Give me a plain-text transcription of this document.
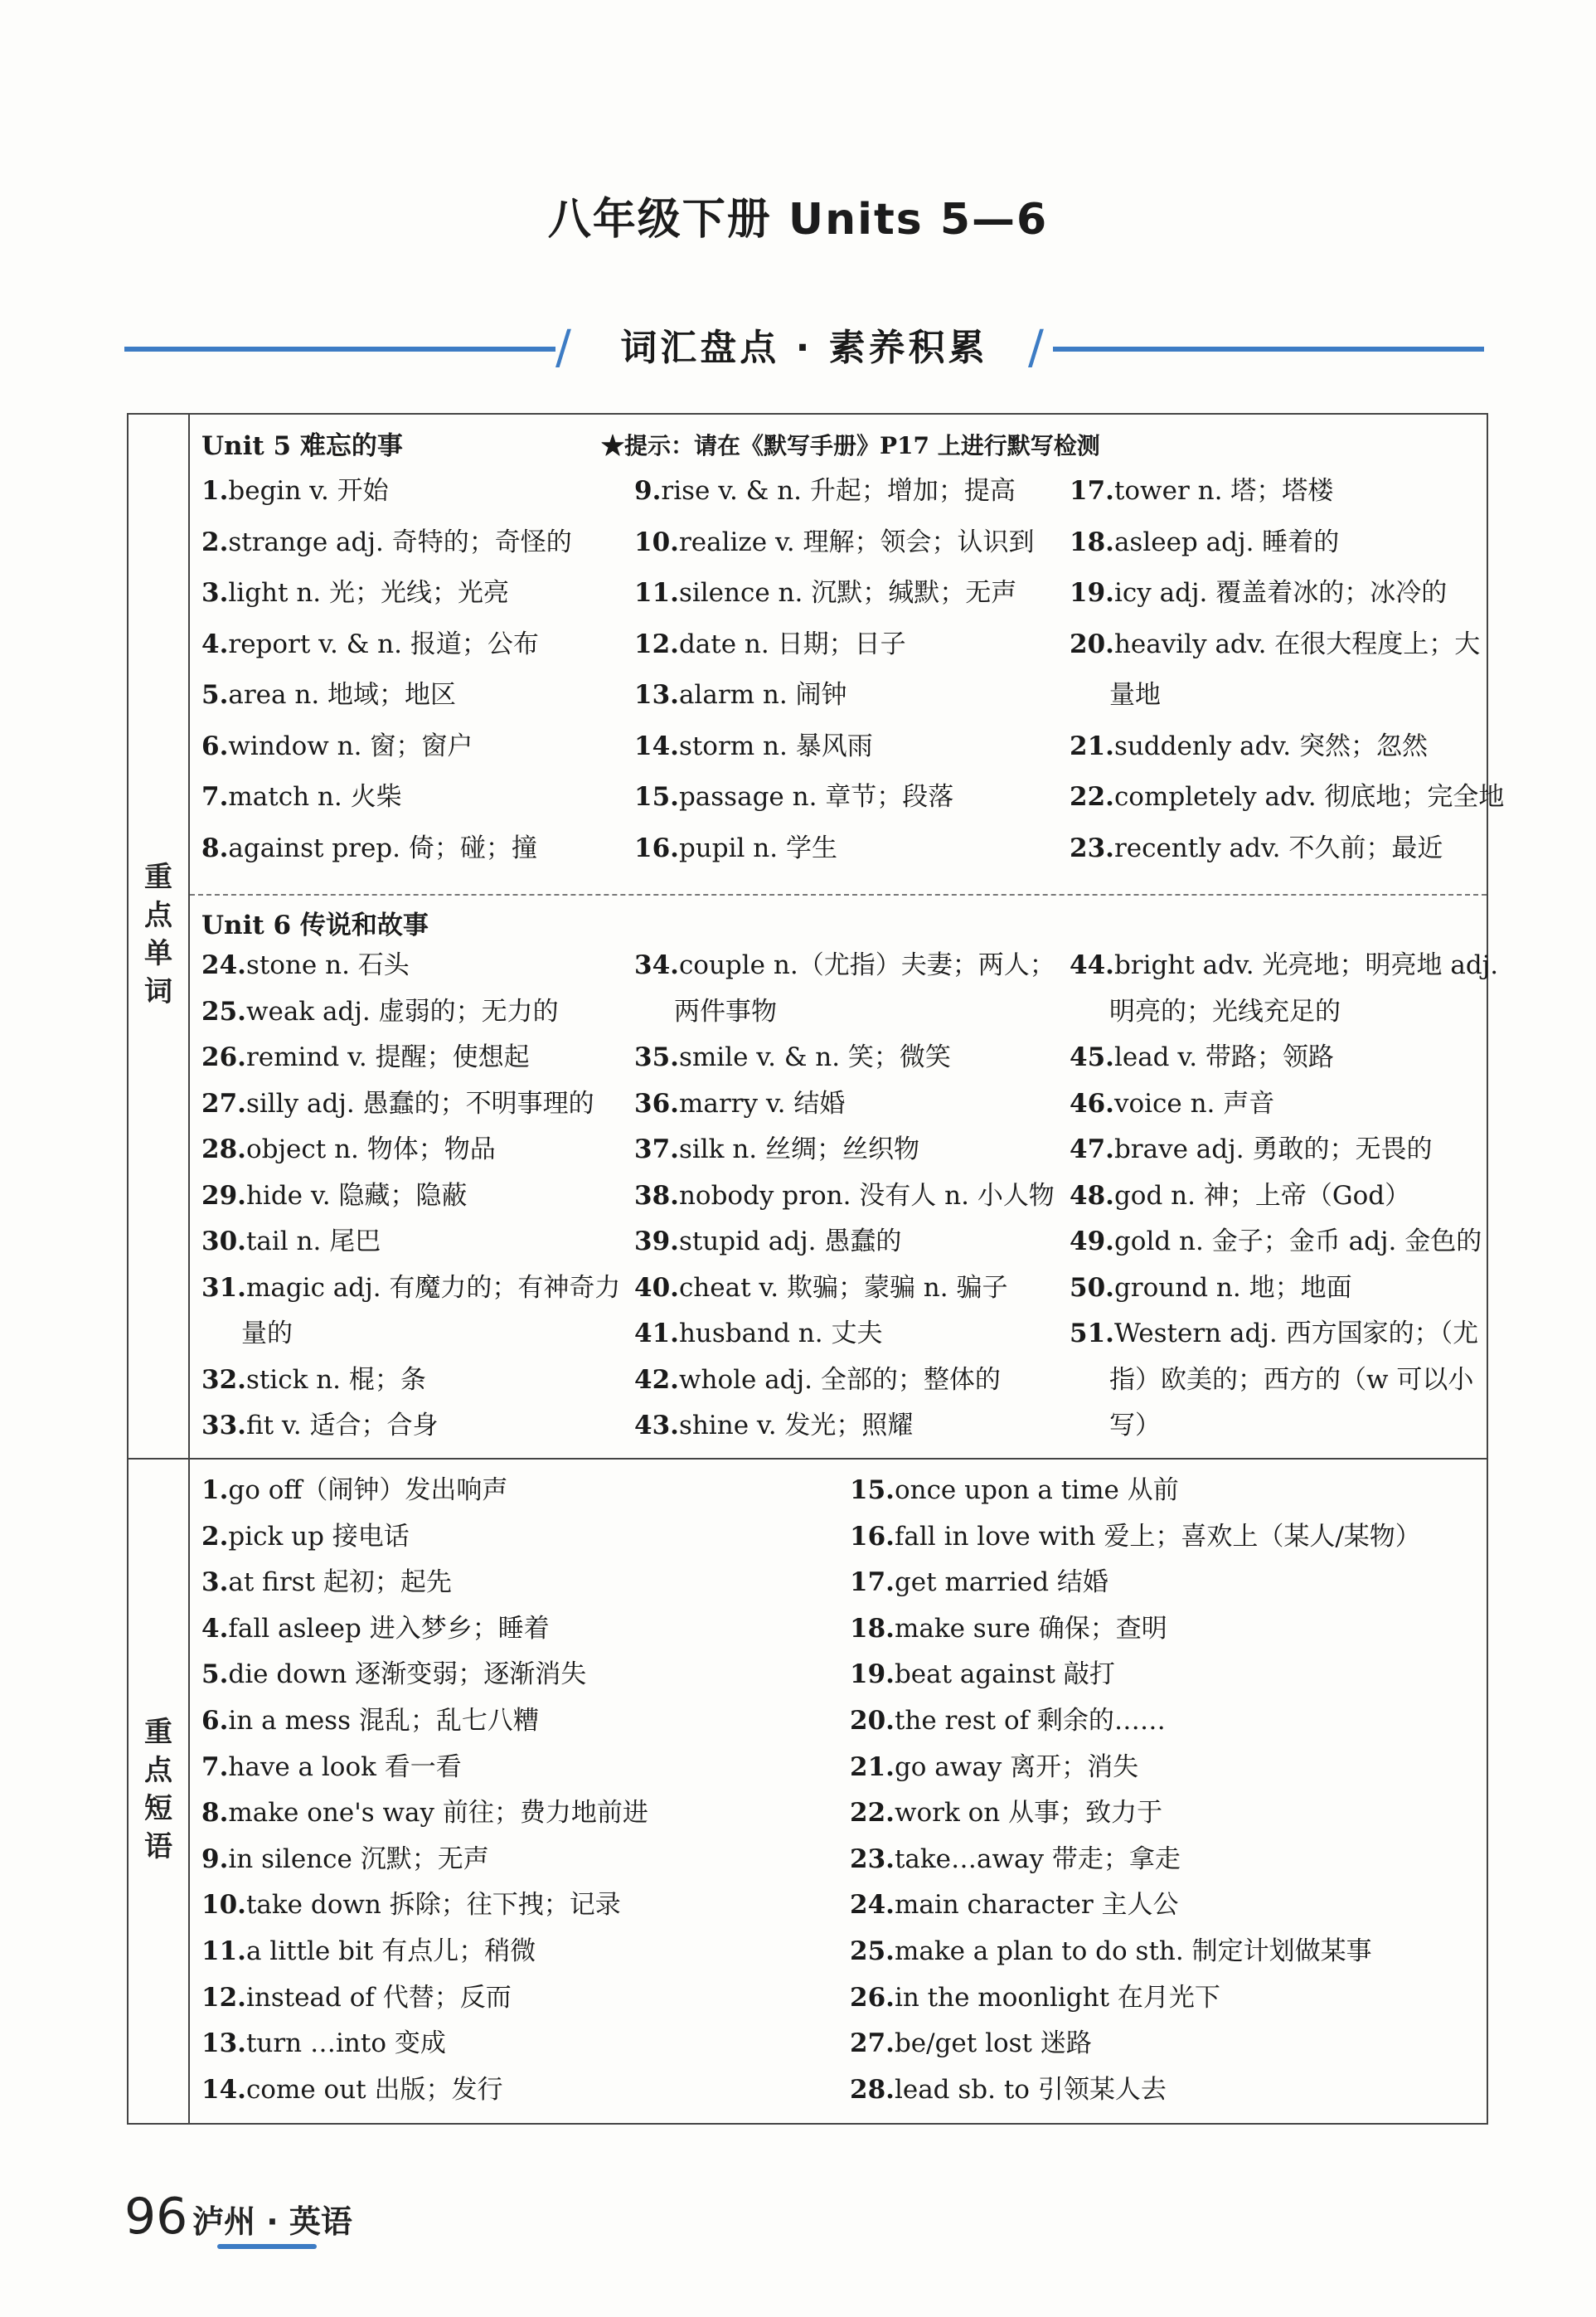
八年级下册 Units 5—6
/	词汇盘点 · 素养积累 /
重
点
单
词
重
点
短
语
Unit 5 难忘的事	★提示：请在《默写手册》P17 上进行默写检测
1.begin v. 开始
2.strange adj. 奇特的；奇怪的
3.light n. 光；光线；光亮
4.report v. & n. 报道；公布
5.area n. 地域；地区
6.window n. 窗；窗户
7.match n. 火柴
8.against prep. 倚；碰；撞
9.rise v. & n. 升起；增加；提高
10.realize v. 理解；领会；认识到
11.silence n. 沉默；缄默；无声
12.date n. 日期；日子
13.alarm n. 闹钟
14.storm n. 暴风雨
15.passage n. 章节；段落
16.pupil n. 学生
17.tower n. 塔；塔楼
18.asleep adj. 睡着的
19.icy adj. 覆盖着冰的；冰冷的
20.heavily adv. 在很大程度上；大
量地
21.suddenly adv. 突然；忽然
22.completely adv. 彻底地；完全地
23.recently adv. 不久前；最近
Unit 6 传说和故事
24.stone n. 石头
25.weak adj. 虚弱的；无力的
26.remind v. 提醒；使想起
27.silly adj. 愚蠢的；不明事理的
28.object n. 物体；物品
29.hide v. 隐藏；隐蔽
30.tail n. 尾巴
31.magic adj. 有魔力的；有神奇力
量的
32.stick n. 棍；条
33.fit v. 适合；合身
34.couple n.（尤指）夫妻；两人；
两件事物
35.smile v. & n. 笑；微笑
36.marry v. 结婚
37.silk n. 丝绸；丝织物
38.nobody pron. 没有人 n. 小人物
39.stupid adj. 愚蠢的
40.cheat v. 欺骗；蒙骗 n. 骗子
41.husband n. 丈夫
42.whole adj. 全部的；整体的
43.shine v. 发光；照耀
44.bright adv. 光亮地；明亮地 adj.
明亮的；光线充足的
45.lead v. 带路；领路
46.voice n. 声音
47.brave adj. 勇敢的；无畏的
48.god n. 神；上帝（God）
49.gold n. 金子；金币 adj. 金色的
50.ground n. 地；地面
51.Western adj. 西方国家的；（尤
指）欧美的；西方的（w 可以小
写）
1.go off（闹钟）发出响声
2.pick up 接电话
3.at first 起初；起先
4.fall asleep 进入梦乡；睡着
5.die down 逐渐变弱；逐渐消失
6.in a mess 混乱；乱七八糟
7.have a look 看一看
8.make one's way 前往；费力地前进
9.in silence 沉默；无声
10.take down 拆除；往下拽；记录
11.a little bit 有点儿；稍微
12.instead of 代替；反而
13.turn …into 变成
14.come out 出版；发行
15.once upon a time 从前
16.fall in love with 爱上；喜欢上（某人/某物）
17.get married 结婚
18.make sure 确保；查明
19.beat against 敲打
20.the rest of 剩余的……
21.go away 离开；消失
22.work on 从事；致力于
23.take…away 带走；拿走
24.main character 主人公
25.make a plan to do sth. 制定计划做某事
26.in the moonlight 在月光下
27.be/get lost 迷路
28.lead sb. to 引领某人去
96 泸州 · 英语
